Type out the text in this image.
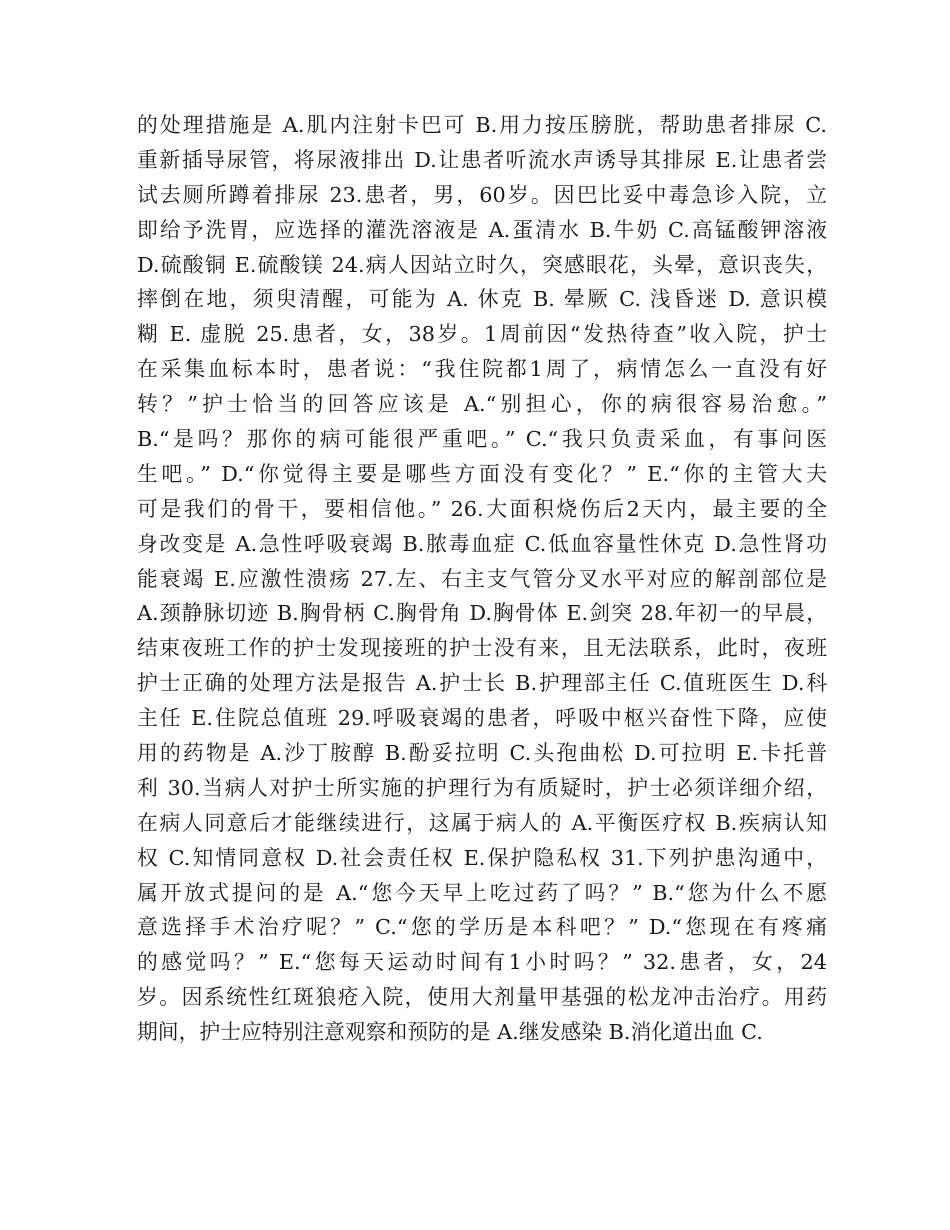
的处理措施是 A.肌内注射卡巴可 B.用力按压膀胱，帮助患者排尿 C.
重新插导尿管，将尿液排出 D.让患者听流水声诱导其排尿 E.让患者尝
试去厕所蹲着排尿 23.患者，男，60岁。因巴比妥中毒急诊入院，立
即给予洗胃，应选择的灌洗溶液是 A.蛋清水 B.牛奶 C.高锰酸钾溶液
D.硫酸铜 E.硫酸镁 24.病人因站立时久，突感眼花，头晕，意识丧失，
摔倒在地，须臾清醒，可能为 A. 休克 B. 晕厥 C. 浅昏迷 D. 意识模
糊 E. 虚脱 25.患者，女，38岁。1周前因“发热待查”收入院，护士
在采集血标本时，患者说：“我住院都1周了，病情怎么一直没有好
转？”护士恰当的回答应该是 A.“别担心，你的病很容易治愈。”
B.“是吗？那你的病可能很严重吧。” C.“我只负责采血，有事问医
生吧。” D.“你觉得主要是哪些方面没有变化？” E.“你的主管大夫
可是我们的骨干，要相信他。” 26.大面积烧伤后2天内，最主要的全
身改变是 A.急性呼吸衰竭 B.脓毒血症 C.低血容量性休克 D.急性肾功
能衰竭 E.应激性溃疡 27.左、右主支气管分叉水平对应的解剖部位是
A.颈静脉切迹 B.胸骨柄 C.胸骨角 D.胸骨体 E.剑突 28.年初一的早晨，
结束夜班工作的护士发现接班的护士没有来，且无法联系，此时，夜班
护士正确的处理方法是报告 A.护士长 B.护理部主任 C.值班医生 D.科
主任 E.住院总值班 29.呼吸衰竭的患者，呼吸中枢兴奋性下降，应使
用的药物是 A.沙丁胺醇 B.酚妥拉明 C.头孢曲松 D.可拉明 E.卡托普
利 30.当病人对护士所实施的护理行为有质疑时，护士必须详细介绍，
在病人同意后才能继续进行，这属于病人的 A.平衡医疗权 B.疾病认知
权 C.知情同意权 D.社会责任权 E.保护隐私权 31.下列护患沟通中，
属开放式提问的是 A.“您今天早上吃过药了吗？” B.“您为什么不愿
意选择手术治疗呢？” C.“您的学历是本科吧？” D.“您现在有疼痛
的感觉吗？” E.“您每天运动时间有1小时吗？” 32.患者，女，24
岁。因系统性红斑狼疮入院，使用大剂量甲基强的松龙冲击治疗。用药
期间，护士应特别注意观察和预防的是 A.继发感染 B.消化道出血 C.
